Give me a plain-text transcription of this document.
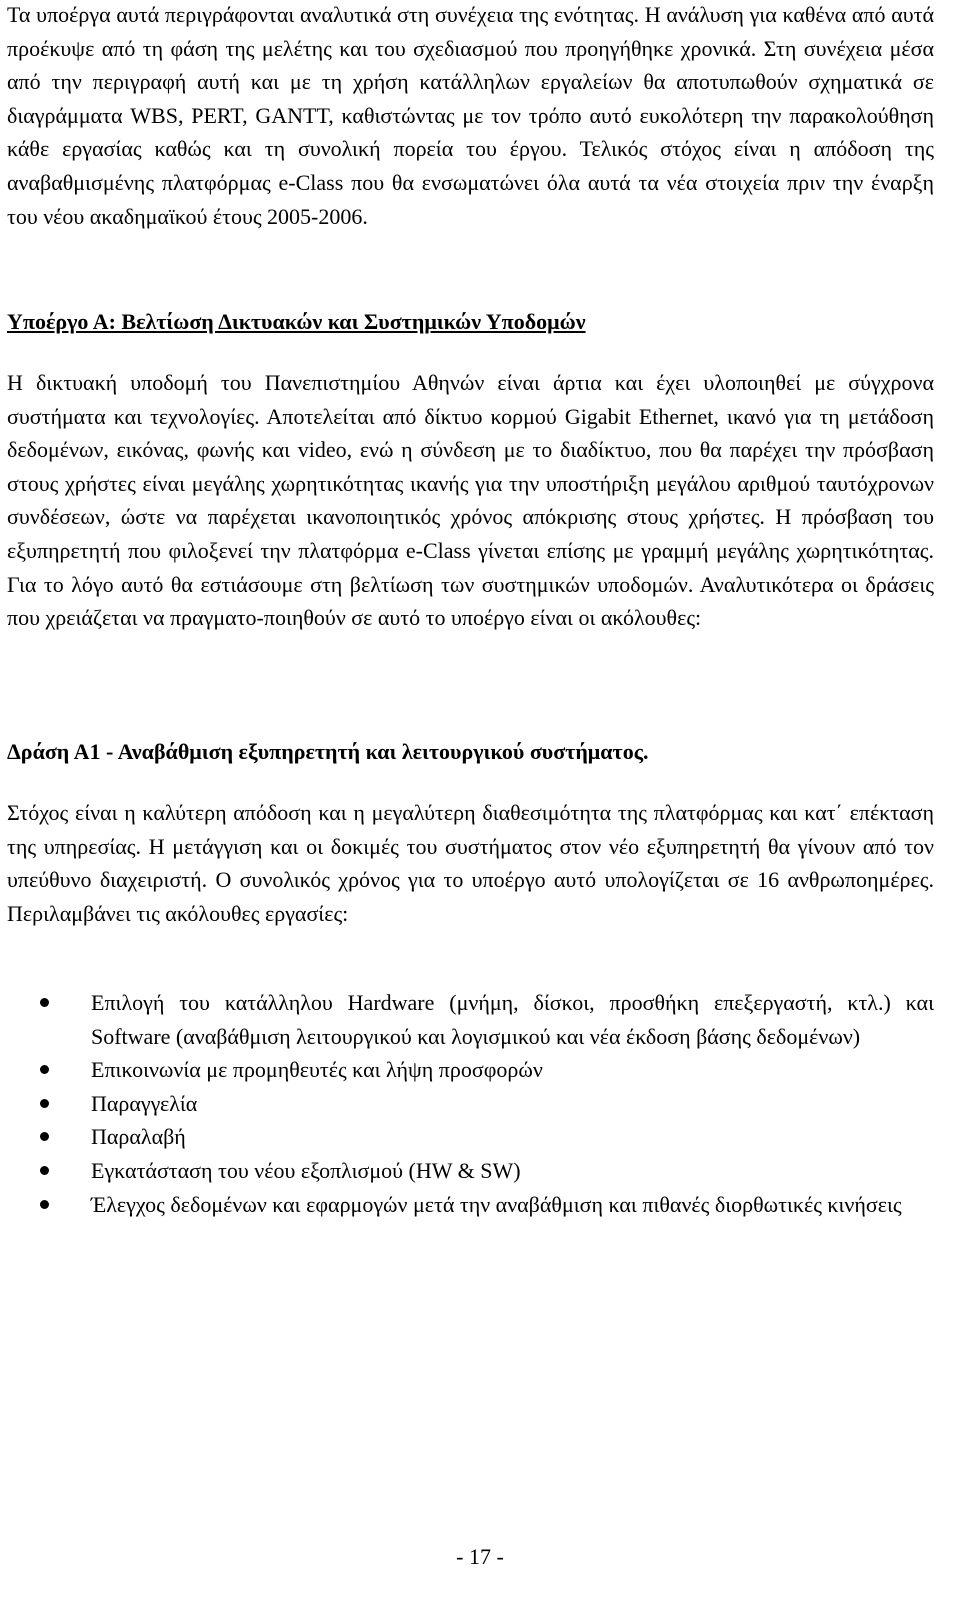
Τα υποέργα αυτά περιγράφονται αναλυτικά στη συνέχεια της ενότητας. Η ανάλυση για καθένα από αυτά προέκυψε από τη φάση της μελέτης και του σχεδιασμού που προηγήθηκε χρονικά. Στη συνέχεια μέσα από την περιγραφή αυτή και με τη χρήση κατάλληλων εργαλείων θα αποτυπωθούν σχηματικά σε διαγράμματα WBS, PERT, GANTT, καθιστώντας με τον τρόπο αυτό ευκολότερη την παρακολούθηση κάθε εργασίας καθώς και τη συνολική πορεία του έργου. Τελικός στόχος είναι η απόδοση της αναβαθμισμένης πλατφόρμας e-Class που θα ενσωματώνει όλα αυτά τα νέα στοιχεία πριν την έναρξη του νέου ακαδημαϊκού έτους 2005-2006.

Υποέργο Α: Βελτίωση Δικτυακών και Συστημικών Υποδομών

Η δικτυακή υποδομή του Πανεπιστημίου Αθηνών είναι άρτια και έχει υλοποιηθεί με σύγχρονα συστήματα και τεχνολογίες. Αποτελείται από δίκτυο κορμού Gigabit Ethernet, ικανό για τη μετάδοση δεδομένων, εικόνας, φωνής και video, ενώ η σύνδεση με το διαδίκτυο, που θα παρέχει την πρόσβαση στους χρήστες είναι μεγάλης χωρητικότητας ικανής για την υποστήριξη μεγάλου αριθμού ταυτόχρονων συνδέσεων, ώστε να παρέχεται ικανοποιητικός χρόνος απόκρισης στους χρήστες. Η πρόσβαση του εξυπηρετητή που φιλοξενεί την πλατφόρμα e-Class γίνεται επίσης με γραμμή μεγάλης χωρητικότητας. Για το λόγο αυτό θα εστιάσουμε στη βελτίωση των συστημικών υποδομών. Αναλυτικότερα οι δράσεις που χρειάζεται να πραγματο-ποιηθούν σε αυτό το υποέργο είναι οι ακόλουθες:

Δράση Α1 - Αναβάθμιση εξυπηρετητή και λειτουργικού συστήματος.

Στόχος είναι η καλύτερη απόδοση και η μεγαλύτερη διαθεσιμότητα της πλατφόρμας και κατ΄ επέκταση της υπηρεσίας. Η μετάγγιση και οι δοκιμές του συστήματος στον νέο εξυπηρετητή θα γίνουν από τον υπεύθυνο διαχειριστή. Ο συνολικός χρόνος για το υποέργο αυτό υπολογίζεται σε 16 ανθρωποημέρες. Περιλαμβάνει τις ακόλουθες εργασίες:

Επιλογή του κατάλληλου Hardware (μνήμη, δίσκοι, προσθήκη επεξεργαστή, κτλ.) και Software (αναβάθμιση λειτουργικού και λογισμικού και νέα έκδοση βάσης δεδομένων)
Επικοινωνία με προμηθευτές και λήψη προσφορών
Παραγγελία
Παραλαβή
Εγκατάσταση του νέου εξοπλισμού (HW & SW)
Έλεγχος δεδομένων και εφαρμογών μετά την αναβάθμιση και πιθανές διορθωτικές κινήσεις

- 17 -
